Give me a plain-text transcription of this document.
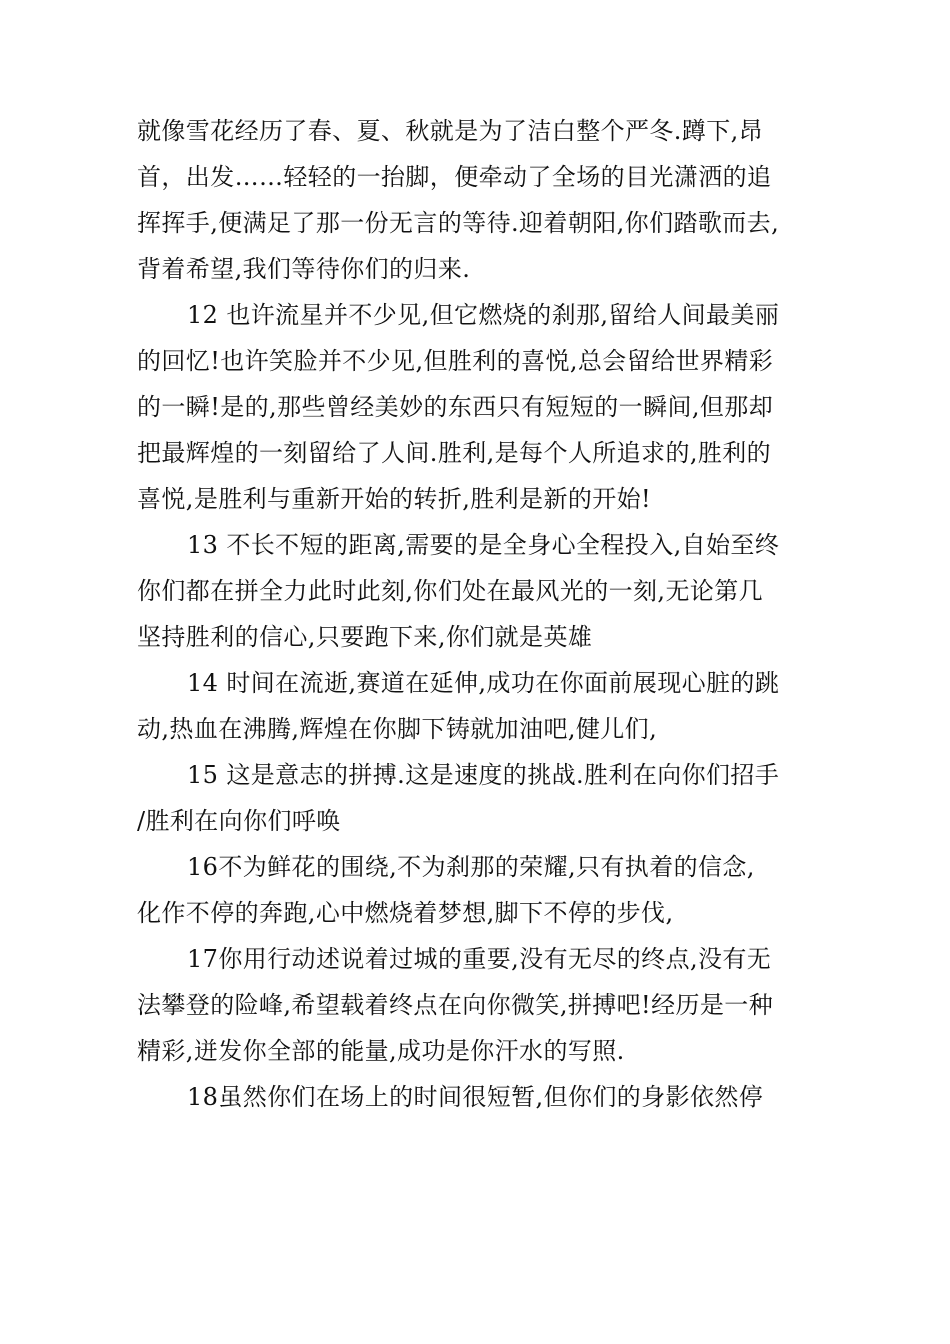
就像雪花经历了春、夏、秋就是为了洁白整个严冬.蹲下,昂

首，出发……轻轻的一抬脚，便牵动了全场的目光潇洒的追

挥挥手,便满足了那一份无言的等待.迎着朝阳,你们踏歌而去,

背着希望,我们等待你们的归来.

12 也许流星并不少见,但它燃烧的刹那,留给人间最美丽

的回忆!也许笑脸并不少见,但胜利的喜悦,总会留给世界精彩

的一瞬!是的,那些曾经美妙的东西只有短短的一瞬间,但那却

把最辉煌的一刻留给了人间.胜利,是每个人所追求的,胜利的

喜悦,是胜利与重新开始的转折,胜利是新的开始!

13 不长不短的距离,需要的是全身心全程投入,自始至终

你们都在拼全力此时此刻,你们处在最风光的一刻,无论第几

坚持胜利的信心,只要跑下来,你们就是英雄

14 时间在流逝,赛道在延伸,成功在你面前展现心脏的跳

动,热血在沸腾,辉煌在你脚下铸就加油吧,健儿们,

15 这是意志的拼搏.这是速度的挑战.胜利在向你们招手

/胜利在向你们呼唤

16不为鲜花的围绕,不为刹那的荣耀,只有执着的信念,

化作不停的奔跑,心中燃烧着梦想,脚下不停的步伐,

17你用行动述说着过城的重要,没有无尽的终点,没有无

法攀登的险峰,希望载着终点在向你微笑,拼搏吧!经历是一种

精彩,迸发你全部的能量,成功是你汗水的写照.

18虽然你们在场上的时间很短暂,但你们的身影依然停
